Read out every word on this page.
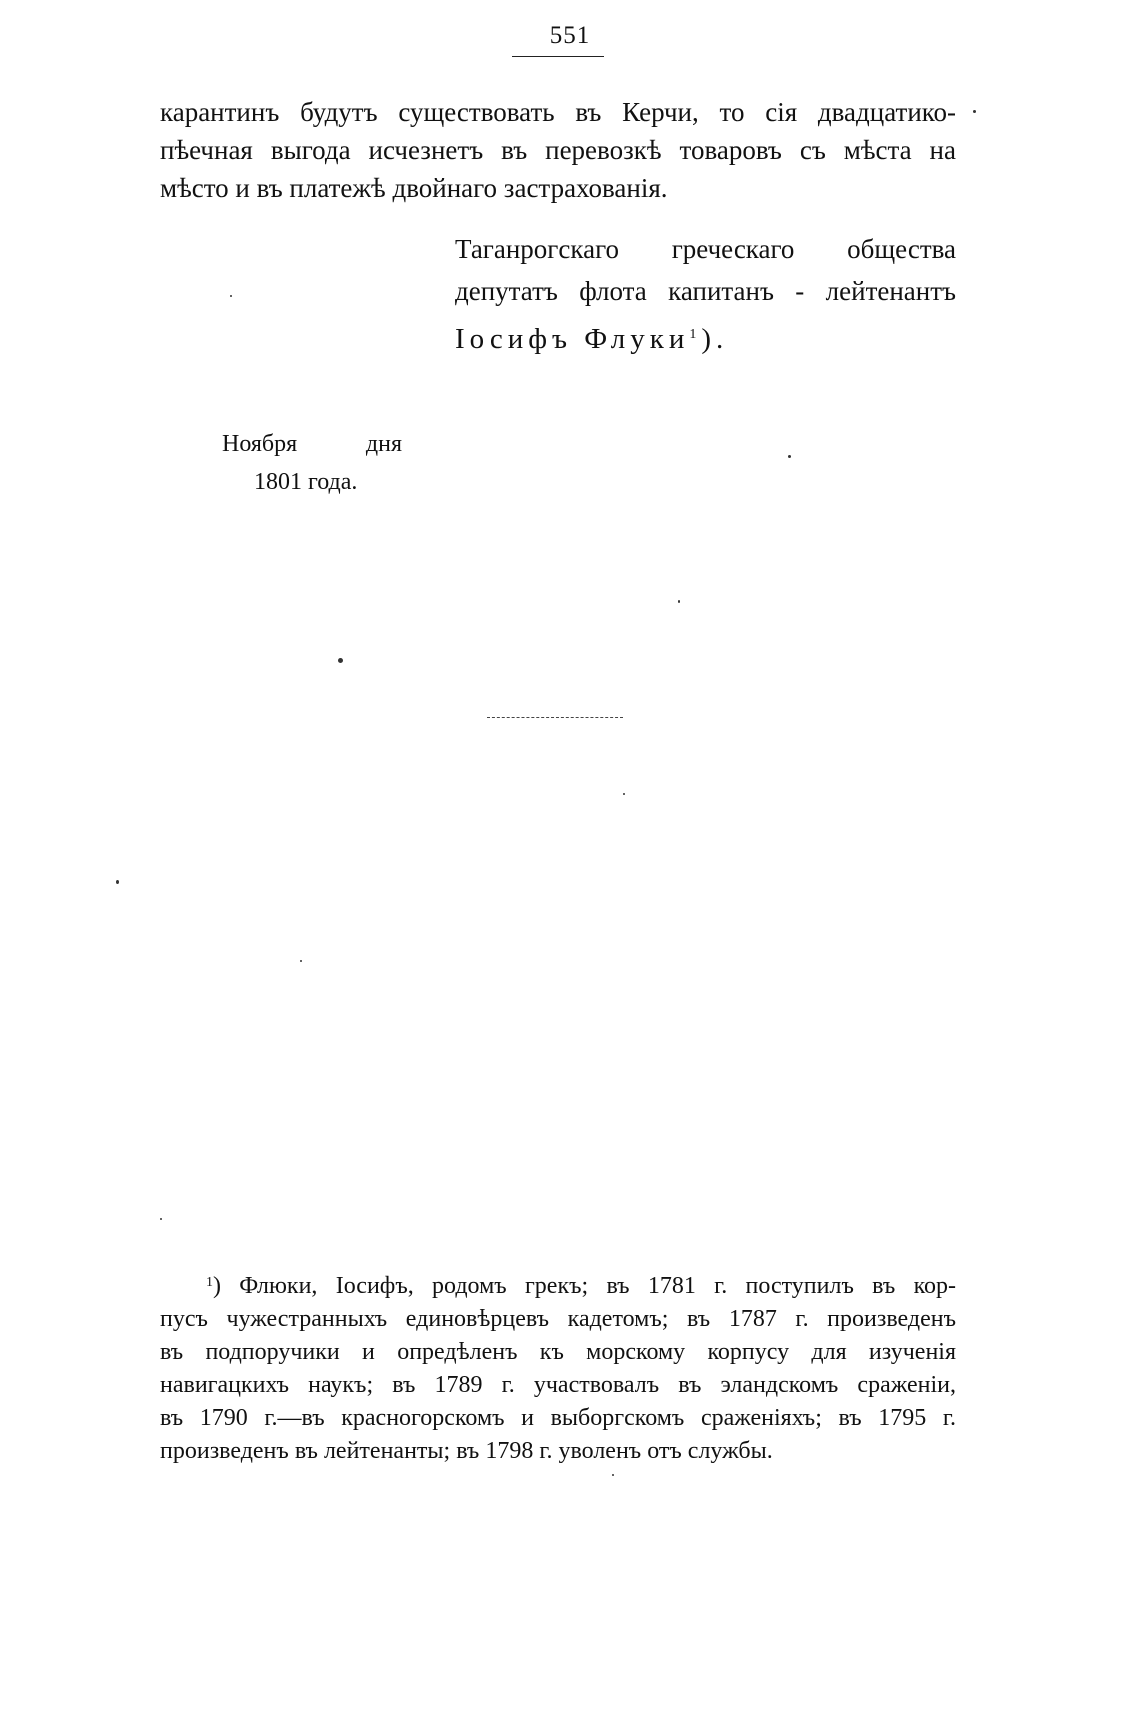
551
карантинъ будутъ существовать въ Керчи, то сія двадцатико-
пѣечная выгода исчезнетъ въ перевозкѣ товаровъ съ мѣста на
мѣсто и въ платежѣ двойнаго застрахованія.
Таганрогскаго греческаго общества
депутатъ флота капитанъ - лейтенантъ
Іосифъ Флуки$^1$).
Ноября	дня
1801 года.
$^1$) Флюки, Іосифъ, родомъ грекъ; въ 1781 г. поступилъ въ кор-
пусъ чужестранныхъ единовѣрцевъ кадетомъ; въ 1787 г. произведенъ
въ подпоручики и опредѣленъ къ морскому корпусу для изученія
навигацкихъ наукъ; въ 1789 г. участвовалъ въ эландскомъ сраженіи,
въ 1790 г.—въ красногорскомъ и выборгскомъ сраженіяхъ; въ 1795 г.
произведенъ въ лейтенанты; въ 1798 г. уволенъ отъ службы.
